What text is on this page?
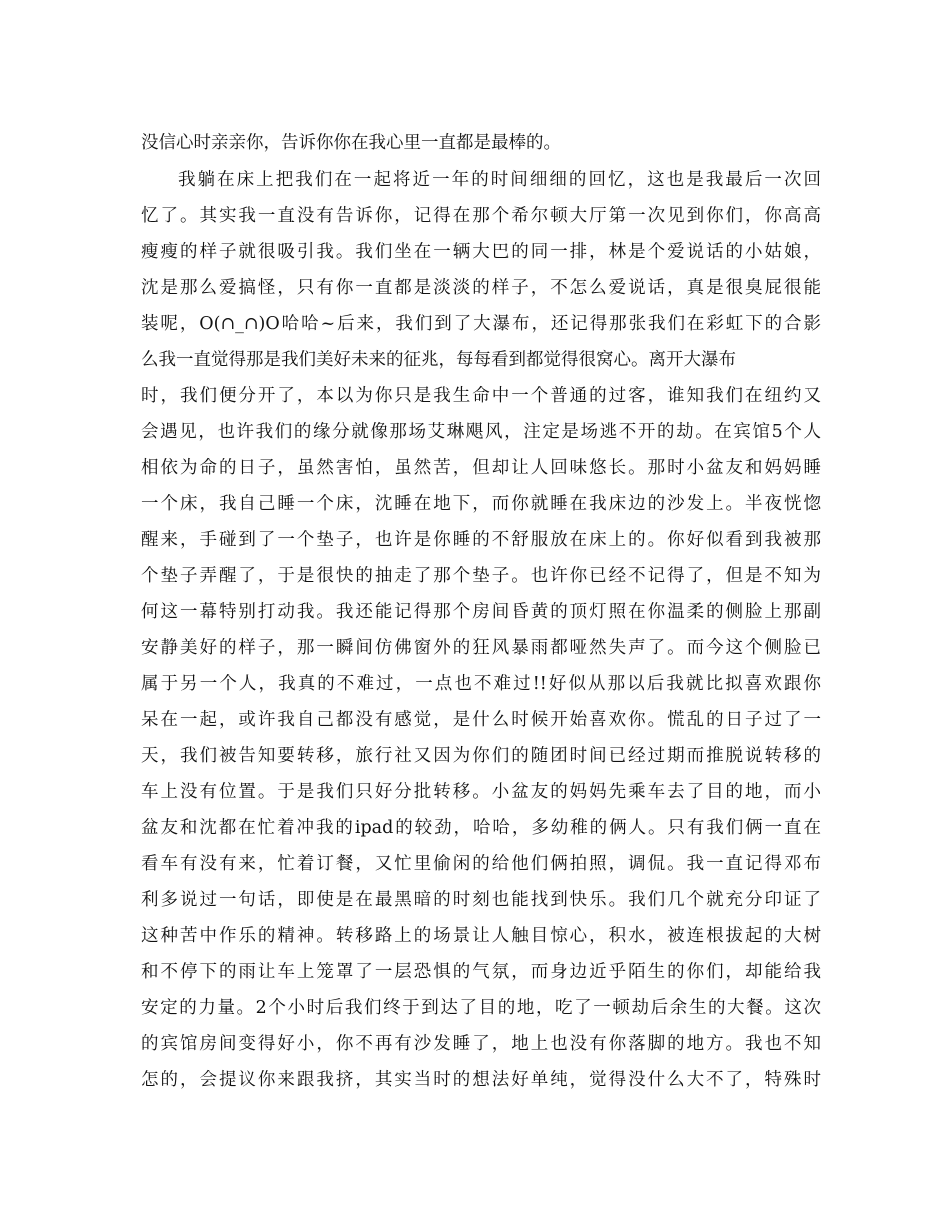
没信心时亲亲你，告诉你你在我心里一直都是最棒的。
我躺在床上把我们在一起将近一年的时间细细的回忆，这也是我最后一次回
忆了。其实我一直没有告诉你，记得在那个希尔顿大厅第一次见到你们，你高高
瘦瘦的样子就很吸引我。我们坐在一辆大巴的同一排，林是个爱说话的小姑娘，
沈是那么爱搞怪，只有你一直都是淡淡的样子，不怎么爱说话，真是很臭屁很能
装呢，O(∩_∩)O哈哈~后来，我们到了大瀑布，还记得那张我们在彩虹下的合影
么我一直觉得那是我们美好未来的征兆，每每看到都觉得很窝心。离开大瀑布
时，我们便分开了，本以为你只是我生命中一个普通的过客，谁知我们在纽约又
会遇见，也许我们的缘分就像那场艾琳飓风，注定是场逃不开的劫。在宾馆5个人
相依为命的日子，虽然害怕，虽然苦，但却让人回味悠长。那时小盆友和妈妈睡
一个床，我自己睡一个床，沈睡在地下，而你就睡在我床边的沙发上。半夜恍惚
醒来，手碰到了一个垫子，也许是你睡的不舒服放在床上的。你好似看到我被那
个垫子弄醒了，于是很快的抽走了那个垫子。也许你已经不记得了，但是不知为
何这一幕特别打动我。我还能记得那个房间昏黄的顶灯照在你温柔的侧脸上那副
安静美好的样子，那一瞬间仿佛窗外的狂风暴雨都哑然失声了。而今这个侧脸已
属于另一个人，我真的不难过，一点也不难过!!好似从那以后我就比拟喜欢跟你
呆在一起，或许我自己都没有感觉，是什么时候开始喜欢你。慌乱的日子过了一
天，我们被告知要转移，旅行社又因为你们的随团时间已经过期而推脱说转移的
车上没有位置。于是我们只好分批转移。小盆友的妈妈先乘车去了目的地，而小
盆友和沈都在忙着冲我的ipad的较劲，哈哈，多幼稚的俩人。只有我们俩一直在
看车有没有来，忙着订餐，又忙里偷闲的给他们俩拍照，调侃。我一直记得邓布
利多说过一句话，即使是在最黑暗的时刻也能找到快乐。我们几个就充分印证了
这种苦中作乐的精神。转移路上的场景让人触目惊心，积水，被连根拔起的大树
和不停下的雨让车上笼罩了一层恐惧的气氛，而身边近乎陌生的你们，却能给我
安定的力量。2个小时后我们终于到达了目的地，吃了一顿劫后余生的大餐。这次
的宾馆房间变得好小，你不再有沙发睡了，地上也没有你落脚的地方。我也不知
怎的，会提议你来跟我挤，其实当时的想法好单纯，觉得没什么大不了，特殊时
